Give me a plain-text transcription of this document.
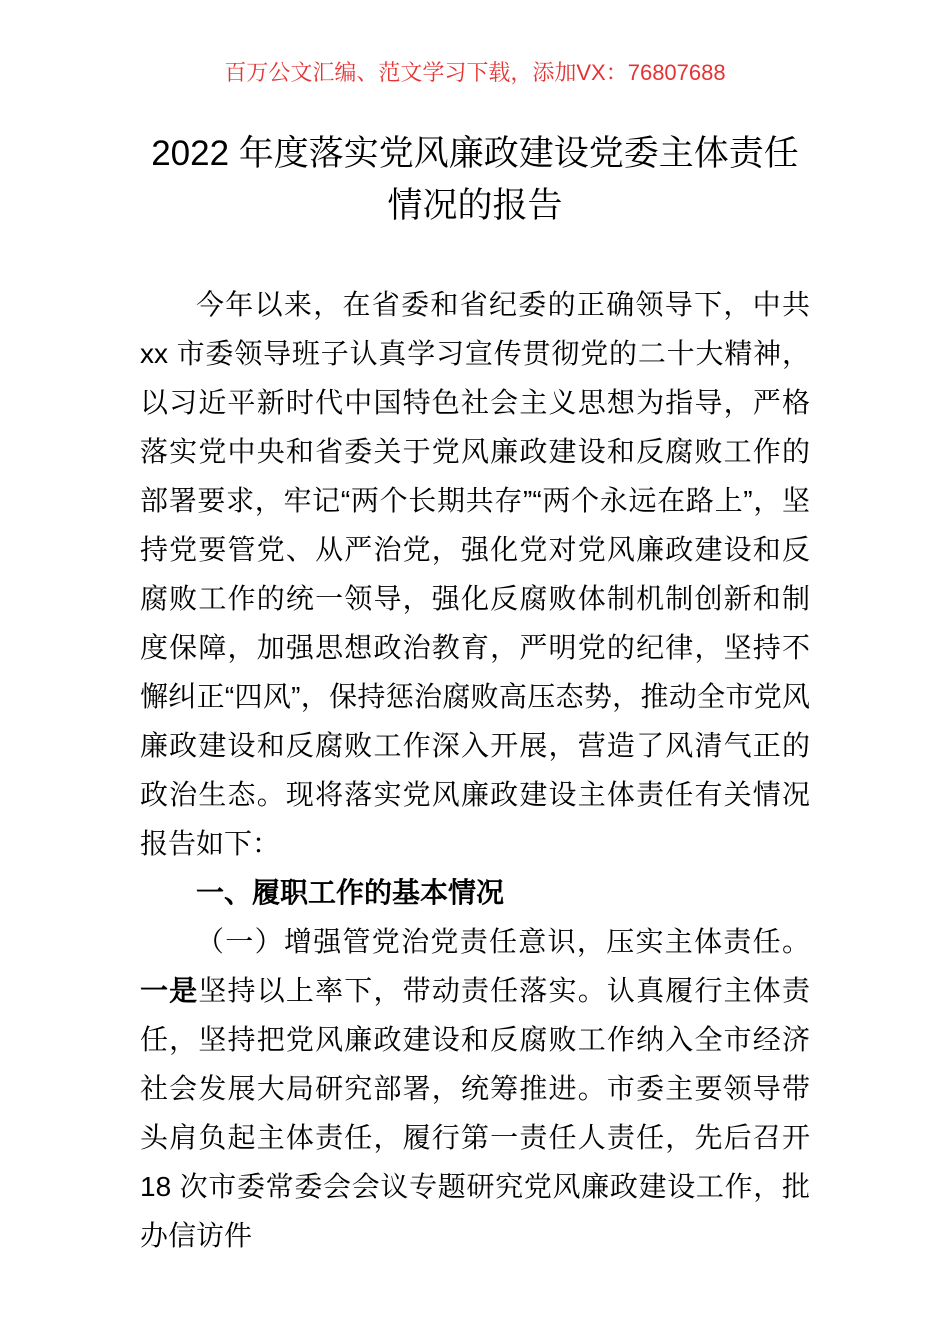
百万公文汇编、范文学习下载，添加VX：76807688
2022 年度落实党风廉政建设党委主体责任情况的报告

今年以来，在省委和省纪委的正确领导下，中共 xx 市委领导班子认真学习宣传贯彻党的二十大精神，以习近平新时代中国特色社会主义思想为指导，严格落实党中央和省委关于党风廉政建设和反腐败工作的部署要求，牢记“两个长期共存”“两个永远在路上”，坚持党要管党、从严治党，强化党对党风廉政建设和反腐败工作的统一领导，强化反腐败体制机制创新和制度保障，加强思想政治教育，严明党的纪律，坚持不懈纠正“四风”，保持惩治腐败高压态势，推动全市党风廉政建设和反腐败工作深入开展，营造了风清气正的政治生态。现将落实党风廉政建设主体责任有关情况报告如下：

一、履职工作的基本情况

（一）增强管党治党责任意识，压实主体责任。一是坚持以上率下，带动责任落实。认真履行主体责任，坚持把党风廉政建设和反腐败工作纳入全市经济社会发展大局研究部署，统筹推进。市委主要领导带头肩负起主体责任，履行第一责任人责任，先后召开 18 次市委常委会会议专题研究党风廉政建设工作，批办信访件
